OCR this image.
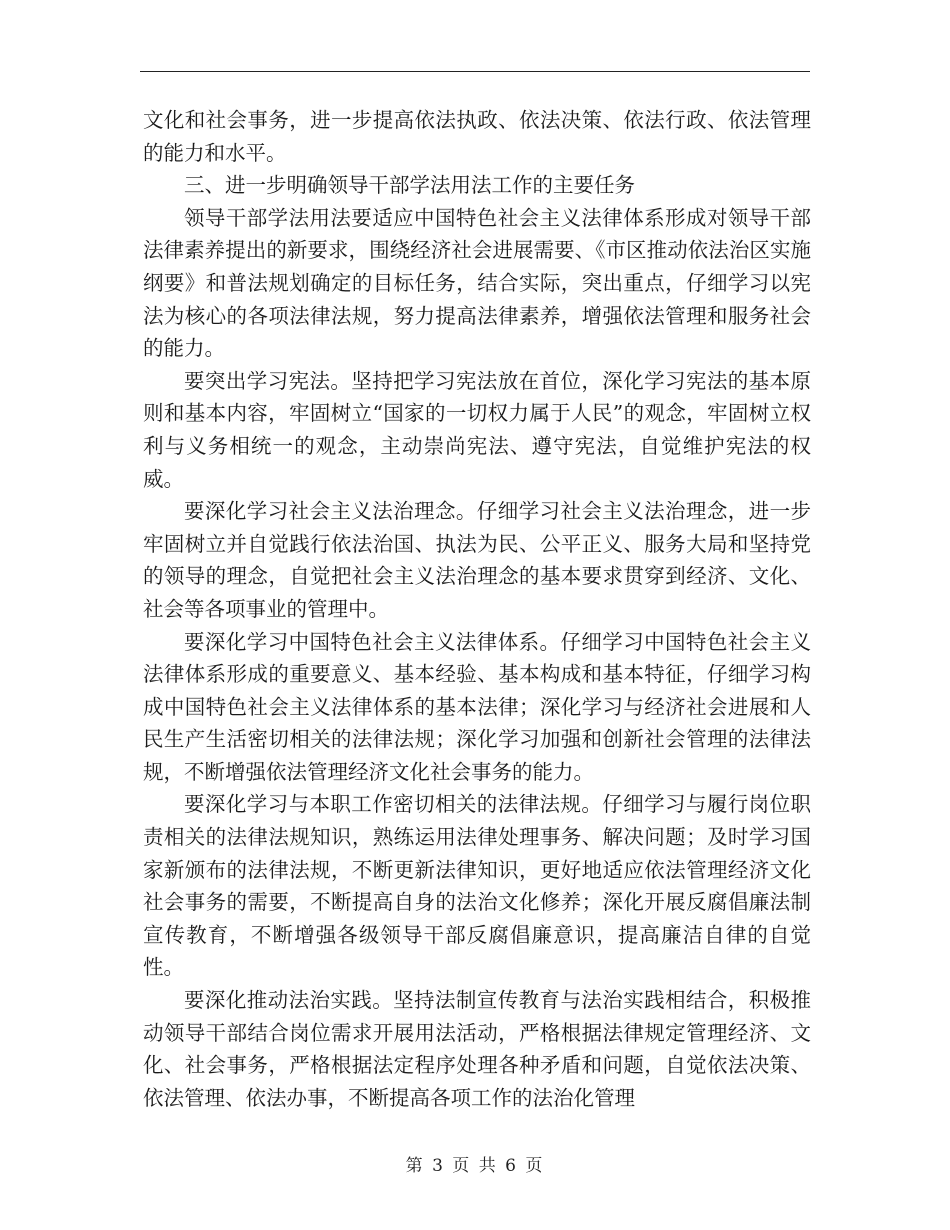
文化和社会事务，进一步提高依法执政、依法决策、依法行政、依法管理的能力和水平。

三、进一步明确领导干部学法用法工作的主要任务

领导干部学法用法要适应中国特色社会主义法律体系形成对领导干部法律素养提出的新要求，围绕经济社会进展需要、《市区推动依法治区实施纲要》和普法规划确定的目标任务，结合实际，突出重点，仔细学习以宪法为核心的各项法律法规，努力提高法律素养，增强依法管理和服务社会的能力。

要突出学习宪法。坚持把学习宪法放在首位，深化学习宪法的基本原则和基本内容，牢固树立“国家的一切权力属于人民”的观念，牢固树立权利与义务相统一的观念，主动崇尚宪法、遵守宪法，自觉维护宪法的权威。

要深化学习社会主义法治理念。仔细学习社会主义法治理念，进一步牢固树立并自觉践行依法治国、执法为民、公平正义、服务大局和坚持党的领导的理念，自觉把社会主义法治理念的基本要求贯穿到经济、文化、社会等各项事业的管理中。

要深化学习中国特色社会主义法律体系。仔细学习中国特色社会主义法律体系形成的重要意义、基本经验、基本构成和基本特征，仔细学习构成中国特色社会主义法律体系的基本法律；深化学习与经济社会进展和人民生产生活密切相关的法律法规；深化学习加强和创新社会管理的法律法规，不断增强依法管理经济文化社会事务的能力。

要深化学习与本职工作密切相关的法律法规。仔细学习与履行岗位职责相关的法律法规知识，熟练运用法律处理事务、解决问题；及时学习国家新颁布的法律法规，不断更新法律知识，更好地适应依法管理经济文化社会事务的需要，不断提高自身的法治文化修养；深化开展反腐倡廉法制宣传教育，不断增强各级领导干部反腐倡廉意识，提高廉洁自律的自觉性。

要深化推动法治实践。坚持法制宣传教育与法治实践相结合，积极推动领导干部结合岗位需求开展用法活动，严格根据法律规定管理经济、文化、社会事务，严格根据法定程序处理各种矛盾和问题，自觉依法决策、依法管理、依法办事，不断提高各项工作的法治化管理

第 3 页 共 6 页
